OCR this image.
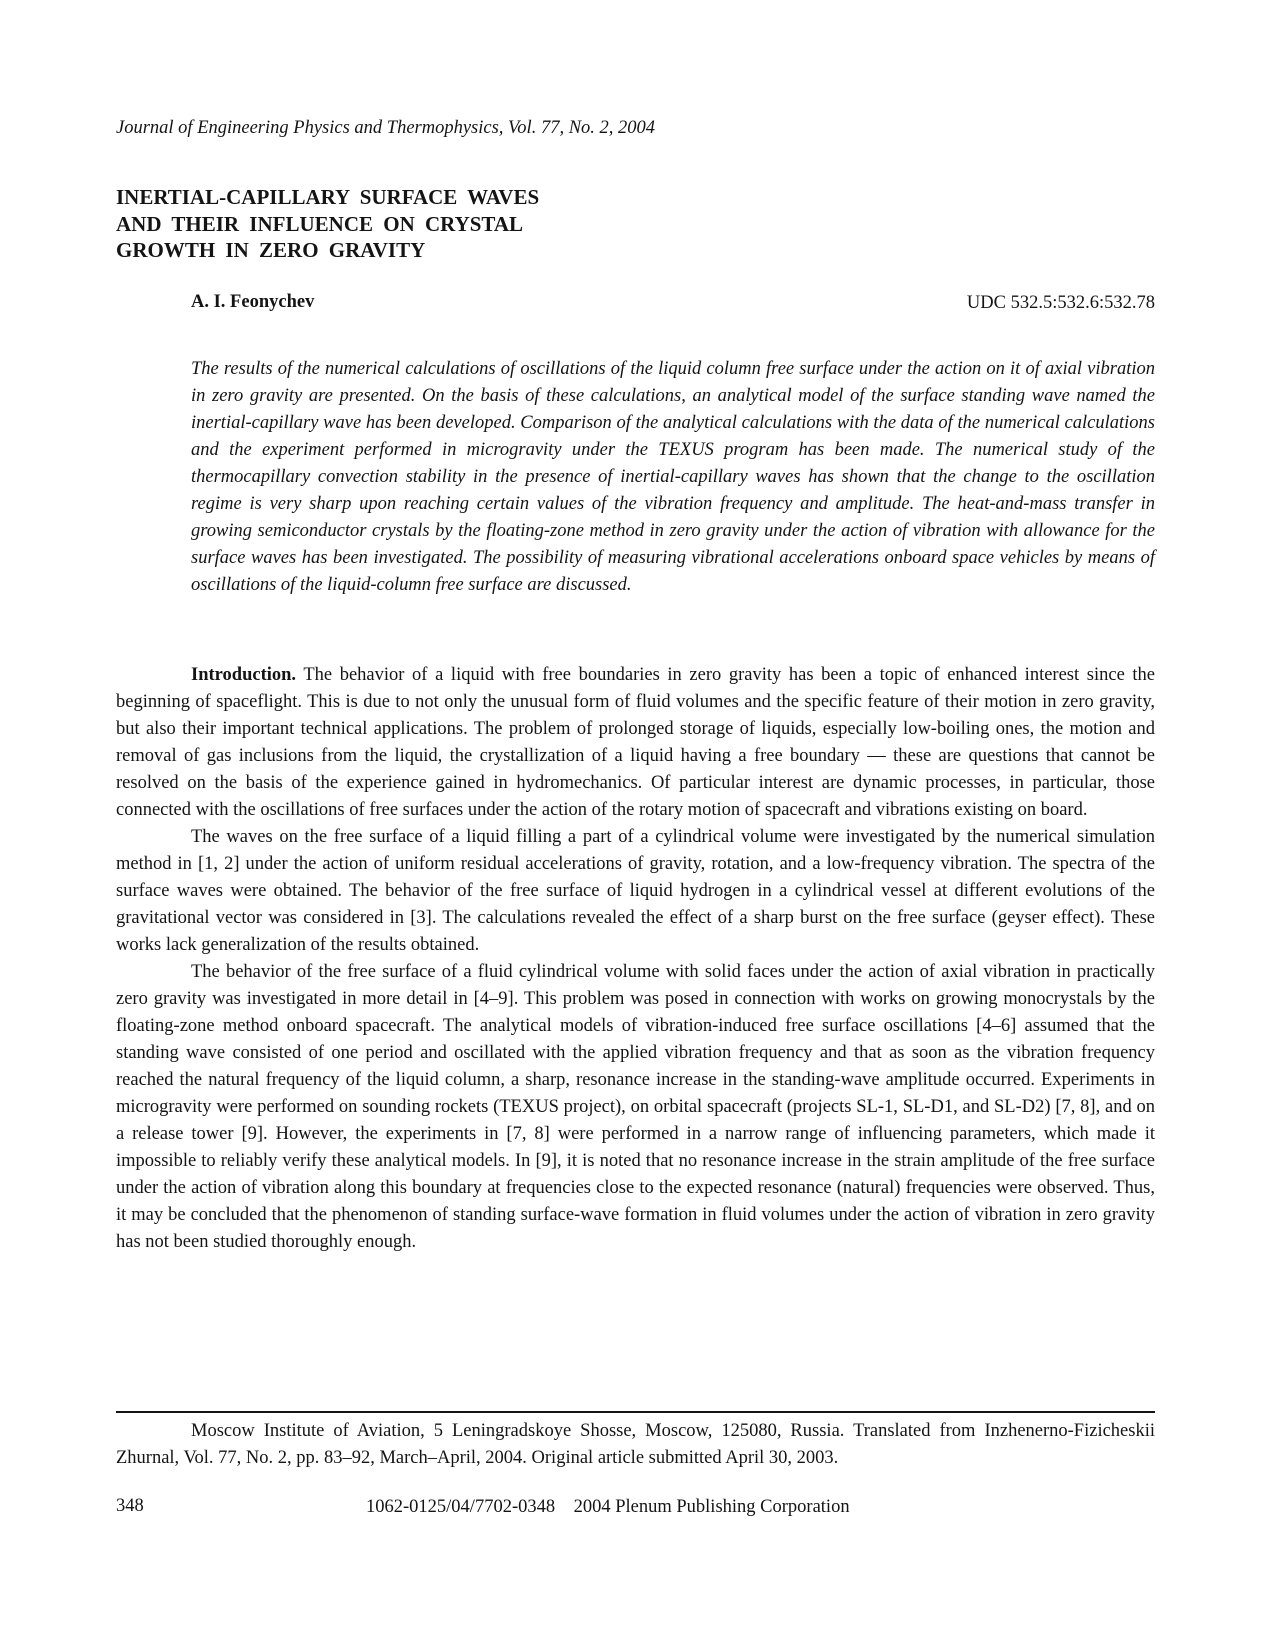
Journal of Engineering Physics and Thermophysics, Vol. 77, No. 2, 2004
INERTIAL-CAPILLARY SURFACE WAVES
AND THEIR INFLUENCE ON CRYSTAL
GROWTH IN ZERO GRAVITY
A. I. Feonychev	UDC 532.5:532.6:532.78

The results of the numerical calculations of oscillations of the liquid column free surface under the action on it of axial vibration in zero gravity are presented. On the basis of these calculations, an analytical model of the surface standing wave named the inertial-capillary wave has been developed. Comparison of the analytical calculations with the data of the numerical calculations and the experiment performed in microgravity under the TEXUS program has been made. The numerical study of the thermocapillary convection stability in the presence of inertial-capillary waves has shown that the change to the oscillation regime is very sharp upon reaching certain values of the vibration frequency and amplitude. The heat-and-mass transfer in growing semiconductor crystals by the floating-zone method in zero gravity under the action of vibration with allowance for the surface waves has been investigated. The possibility of measuring vibrational accelerations onboard space vehicles by means of oscillations of the liquid-column free surface are discussed.

Introduction. The behavior of a liquid with free boundaries in zero gravity has been a topic of enhanced interest since the beginning of spaceflight. This is due to not only the unusual form of fluid volumes and the specific feature of their motion in zero gravity, but also their important technical applications. The problem of prolonged storage of liquids, especially low-boiling ones, the motion and removal of gas inclusions from the liquid, the crystallization of a liquid having a free boundary — these are questions that cannot be resolved on the basis of the experience gained in hydromechanics. Of particular interest are dynamic processes, in particular, those connected with the oscillations of free surfaces under the action of the rotary motion of spacecraft and vibrations existing on board.

The waves on the free surface of a liquid filling a part of a cylindrical volume were investigated by the numerical simulation method in [1, 2] under the action of uniform residual accelerations of gravity, rotation, and a low-frequency vibration. The spectra of the surface waves were obtained. The behavior of the free surface of liquid hydrogen in a cylindrical vessel at different evolutions of the gravitational vector was considered in [3]. The calculations revealed the effect of a sharp burst on the free surface (geyser effect). These works lack generalization of the results obtained.

The behavior of the free surface of a fluid cylindrical volume with solid faces under the action of axial vibration in practically zero gravity was investigated in more detail in [4–9]. This problem was posed in connection with works on growing monocrystals by the floating-zone method onboard spacecraft. The analytical models of vibration-induced free surface oscillations [4–6] assumed that the standing wave consisted of one period and oscillated with the applied vibration frequency and that as soon as the vibration frequency reached the natural frequency of the liquid column, a sharp, resonance increase in the standing-wave amplitude occurred. Experiments in microgravity were performed on sounding rockets (TEXUS project), on orbital spacecraft (projects SL-1, SL-D1, and SL-D2) [7, 8], and on a release tower [9]. However, the experiments in [7, 8] were performed in a narrow range of influencing parameters, which made it impossible to reliably verify these analytical models. In [9], it is noted that no resonance increase in the strain amplitude of the free surface under the action of vibration along this boundary at frequencies close to the expected resonance (natural) frequencies were observed. Thus, it may be concluded that the phenomenon of standing surface-wave formation in fluid volumes under the action of vibration in zero gravity has not been studied thoroughly enough.

Moscow Institute of Aviation, 5 Leningradskoye Shosse, Moscow, 125080, Russia. Translated from Inzhenerno-Fizicheskii Zhurnal, Vol. 77, No. 2, pp. 83–92, March–April, 2004. Original article submitted April 30, 2003.

348	1062-0125/04/7702-0348    2004 Plenum Publishing Corporation
